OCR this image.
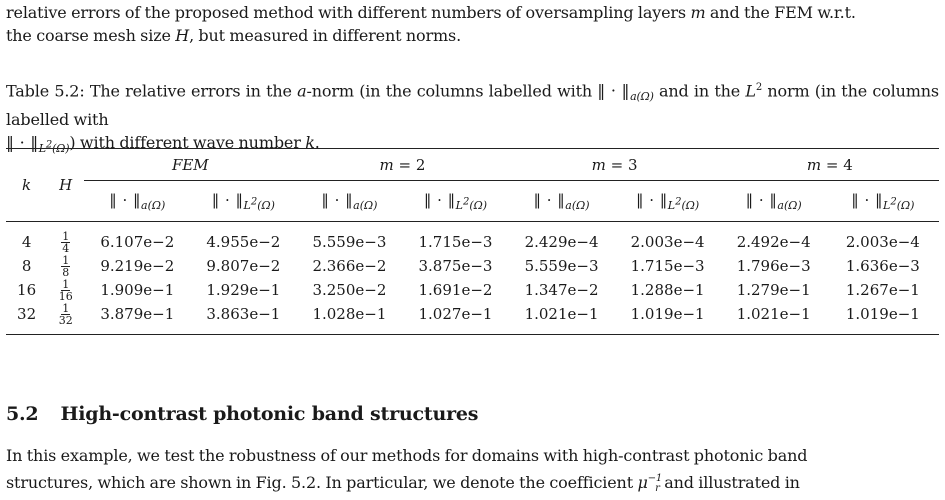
relative errors of the proposed method with different numbers of oversampling layers m and the FEM w.r.t.
the coarse mesh size H, but measured in different norms.
Table 5.2: The relative errors in the a-norm (in the columns labelled with ‖ · $‖_{a(\Omega)}$ and in the $L^2$ norm (in the columns labelled with
‖ · $‖_{L^2(\Omega)}$) with different wave number k.
k	H	FEM		m = 2		m = 3		m = 4	
		‖ · $‖_{a(\Omega)}$	‖ · $‖_{L^2(\Omega)}$	‖ · $‖_{a(\Omega)}$	‖ · $‖_{L^2(\Omega)}$	‖ · $‖_{a(\Omega)}$	‖ · $‖_{L^2(\Omega)}$	‖ · $‖_{a(\Omega)}$	‖ · $‖_{L^2(\Omega)}$
4	$\frac{1}{4}$	6.107e−2	4.955e−2	5.559e−3	1.715e−3	2.429e−4	2.003e−4	2.492e−4	2.003e−4
8	$\frac{1}{8}$	9.219e−2	9.807e−2	2.366e−2	3.875e−3	5.559e−3	1.715e−3	1.796e−3	1.636e−3
16	$\frac{1}{16}$	1.909e−1	1.929e−1	3.250e−2	1.691e−2	1.347e−2	1.288e−1	1.279e−1	1.267e−1
32	$\frac{1}{32}$	3.879e−1	3.863e−1	1.028e−1	1.027e−1	1.021e−1	1.019e−1	1.021e−1	1.019e−1
5.2 High-contrast photonic band structures
In this example, we test the robustness of our methods for domains with high-contrast photonic band
structures, which are shown in Fig. 5.2. In particular, we denote the coefficient $\mu^{-1}_r$ and illustrated in
